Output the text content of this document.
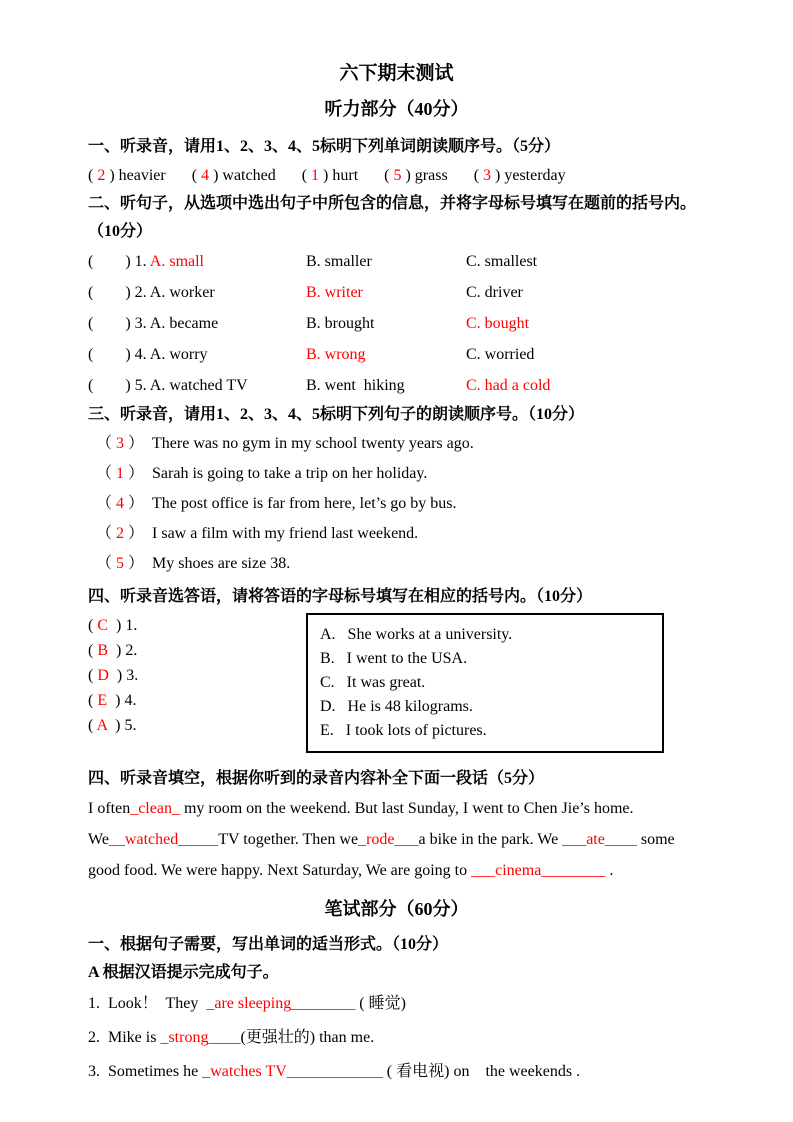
六下期末测试
听力部分（40分）
一、听录音，请用1、2、3、4、5标明下列单词朗读顺序号。（5分）
( 2 ) heavier ( 4 ) watched ( 1 ) hurt ( 5 ) grass ( 3 ) yesterday
二、听句子，从选项中选出句子中所包含的信息，并将字母标号填写在题前的括号内。（10分）
(        ) 1. A. small	B. smaller	C. smallest
(        ) 2. A. worker	B. writer	C. driver
(        ) 3. A. became	B. brought	C. bought
(        ) 4. A. worry	B. wrong	C. worried
(        ) 5. A. watched TV	B. went  hiking	C. had a cold
三、听录音，请用1、2、3、4、5标明下列句子的朗读顺序号。（10分）
（ 3 ）  There was no gym in my school twenty years ago.
（ 1 ）  Sarah is going to take a trip on her holiday.
（ 4 ）  The post office is far from here, let’s go by bus.
（ 2 ）  I saw a film with my friend last weekend.
（ 5 ）  My shoes are size 38.
四、听录音选答语，请将答语的字母标号填写在相应的括号内。（10分）
( C  ) 1.
( B  ) 2.
( D  ) 3.
( E  ) 4.
( A  ) 5.
A.   She works at a university.
B.   I went to the USA.
C.   It was great.
D.   He is 48 kilograms.
E.   I took lots of pictures.
四、听录音填空，根据你听到的录音内容补全下面一段话（5分）
I often_clean_ my room on the weekend. But last Sunday, I went to Chen Jie’s home.
We__watched_____TV together. Then we_rode___a bike in the park. We ___ate____ some
good food. We were happy. Next Saturday, We are going to ___cinema________ .
笔试部分（60分）
一、根据句子需要，写出单词的适当形式。（10分）
A 根据汉语提示完成句子。
1.  Look！  They  _are sleeping________ ( 睡觉)
2.  Mike is _strong____(更强壮的) than me.
3.  Sometimes he _watches TV____________ ( 看电视) on    the weekends .
